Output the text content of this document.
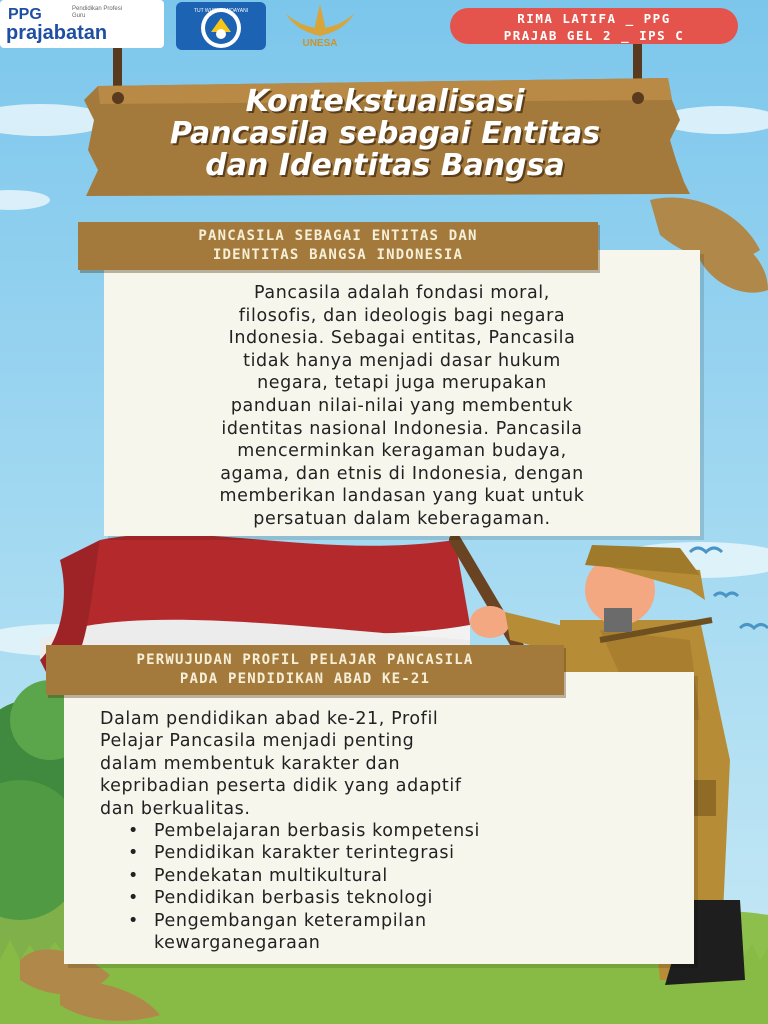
PPG	Pendidikan Profesi Guru
prajabatan
TUT WURI HANDAYANI
UNESA
RIMA LATIFA _ PPG
PRAJAB GEL 2 _ IPS C
Kontekstualisasi
Pancasila sebagai Entitas
dan Identitas Bangsa
PANCASILA SEBAGAI ENTITAS DAN
IDENTITAS BANGSA INDONESIA
Pancasila adalah fondasi moral,
filosofis, dan ideologis bagi negara
Indonesia. Sebagai entitas, Pancasila
tidak hanya menjadi dasar hukum
negara, tetapi juga merupakan
panduan nilai-nilai yang membentuk
identitas nasional Indonesia. Pancasila
mencerminkan keragaman budaya,
agama, dan etnis di Indonesia, dengan
memberikan landasan yang kuat untuk
persatuan dalam keberagaman.
PERWUJUDAN PROFIL PELAJAR PANCASILA
PADA PENDIDIKAN ABAD KE-21
Dalam pendidikan abad ke-21, Profil
Pelajar Pancasila menjadi penting
dalam membentuk karakter dan
kepribadian peserta didik yang adaptif
dan berkualitas.
• Pembelajaran berbasis kompetensi
• Pendidikan karakter terintegrasi
• Pendekatan multikultural
• Pendidikan berbasis teknologi
• Pengembangan keterampilan kewarganegaraan
